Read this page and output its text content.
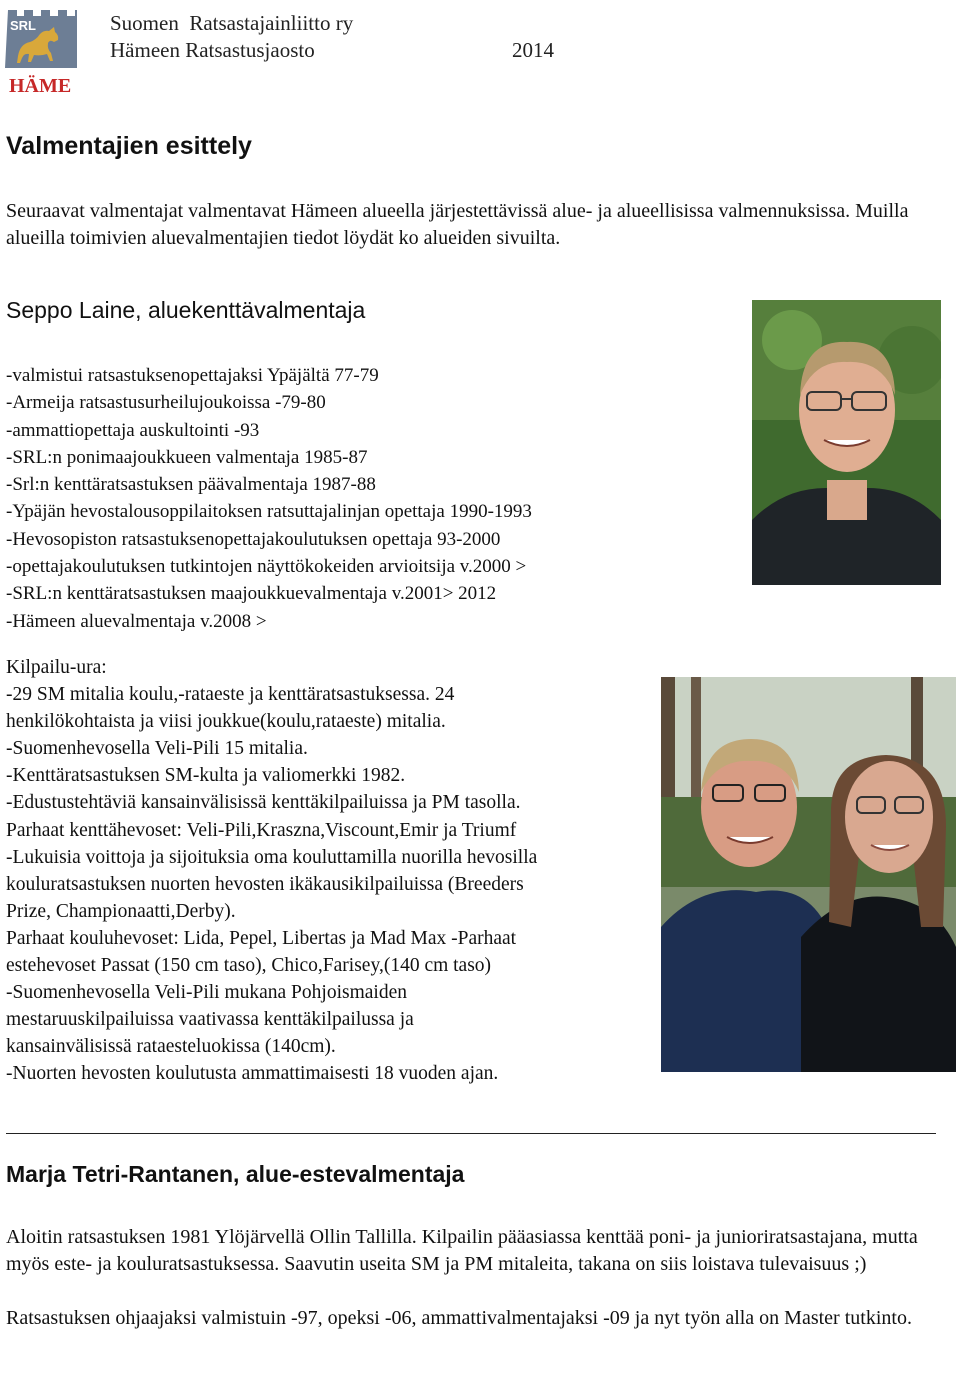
SRL
HÄME
Suomen  Ratsastajainliitto ry
Hämeen Ratsastusjaosto	2014
Valmentajien esittely
Seuraavat valmentajat valmentavat Hämeen alueella järjestettävissä alue- ja alueellisissa valmennuksissa. Muilla alueilla toimivien aluevalmentajien tiedot löydät ko alueiden sivuilta.
Seppo Laine, aluekenttävalmentaja
-valmistui ratsastuksenopettajaksi Ypäjältä 77-79
-Armeija ratsastusurheilujoukoissa -79-80
-ammattiopettaja auskultointi -93
-SRL:n ponimaajoukkueen valmentaja 1985-87
-Srl:n kenttäratsastuksen päävalmentaja 1987-88
-Ypäjän hevostalousoppilaitoksen ratsuttajalinjan opettaja 1990-1993
-Hevosopiston ratsastuksenopettajakoulutuksen opettaja 93-2000
-opettajakoulutuksen tutkintojen näyttökokeiden arvioitsija v.2000 >
-SRL:n kenttäratsastuksen maajoukkuevalmentaja v.2001> 2012
-Hämeen aluevalmentaja v.2008 >
Kilpailu-ura:
-29 SM mitalia koulu,-rataeste ja kenttäratsastuksessa. 24
henkilökohtaista ja viisi joukkue(koulu,rataeste) mitalia.
-Suomenhevosella Veli-Pili 15 mitalia.
-Kenttäratsastuksen SM-kulta ja valiomerkki 1982.
-Edustustehtäviä kansainvälisissä kenttäkilpailuissa ja PM tasolla.
Parhaat kenttähevoset: Veli-Pili,Kraszna,Viscount,Emir ja Triumf
-Lukuisia voittoja ja sijoituksia oma kouluttamilla nuorilla hevosilla
kouluratsastuksen nuorten hevosten ikäkausikilpailuissa (Breeders
Prize, Championaatti,Derby).
Parhaat kouluhevoset: Lida, Pepel, Libertas ja Mad Max -Parhaat
estehevoset Passat (150 cm taso), Chico,Farisey,(140 cm taso)
-Suomenhevosella Veli-Pili mukana Pohjoismaiden
mestaruuskilpailuissa vaativassa kenttäkilpailussa ja
kansainvälisissä rataesteluokissa (140cm).
-Nuorten hevosten koulutusta ammattimaisesti 18 vuoden ajan.
Marja Tetri-Rantanen, alue-estevalmentaja

Aloitin ratsastuksen 1981 Ylöjärvellä Ollin Tallilla. Kilpailin pääasiassa kenttää poni- ja junioriratsastajana, mutta myös este- ja kouluratsastuksessa. Saavutin useita SM ja PM mitaleita, takana on siis loistava tulevaisuus ;)

Ratsastuksen ohjaajaksi valmistuin -97, opeksi -06, ammattivalmentajaksi -09 ja nyt työn alla on Master tutkinto.
